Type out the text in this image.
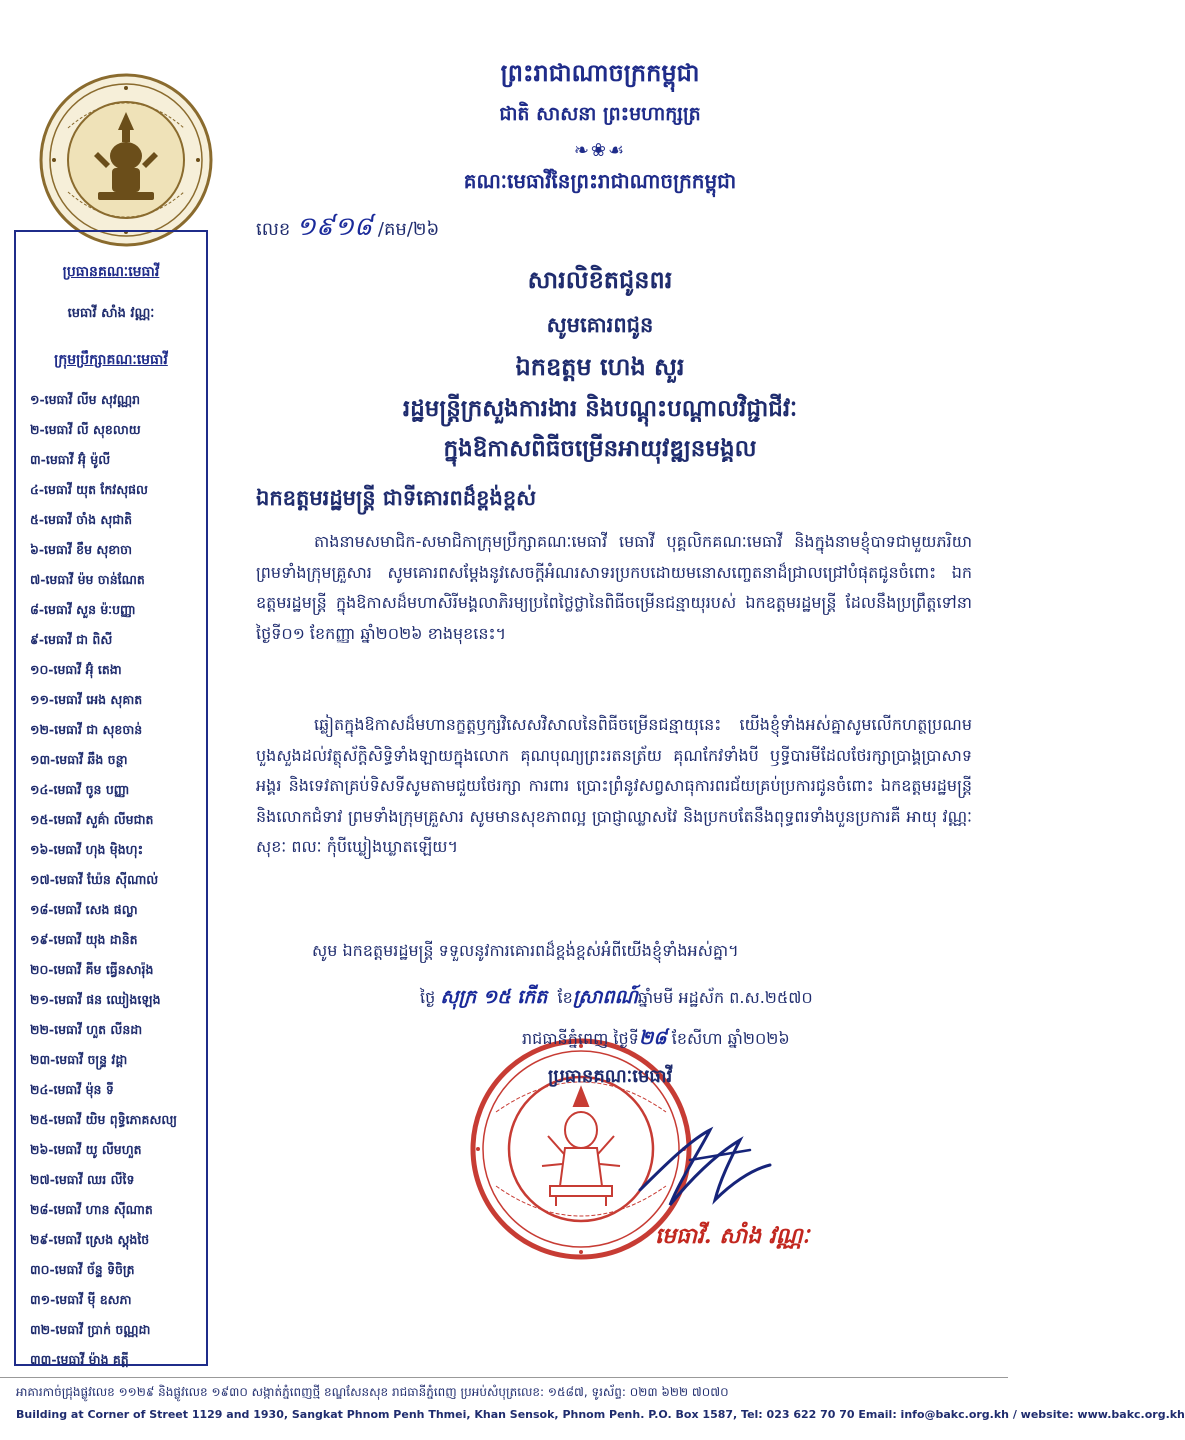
ព្រះរាជាណាចក្រកម្ពុជា
ជាតិ សាសនា ព្រះមហាក្សត្រ
❧❀☙
គណៈមេធាវីនៃព្រះរាជាណាចក្រកម្ពុជា
លេខ ១៩១៨ /គម/២៦
ប្រធានគណៈមេធាវី
មេធាវី សាំង វណ្ណៈ
ក្រុមប្រឹក្សាគណៈមេធាវី
១-មេធាវី លីម សុវណ្ណរា
២-មេធាវី លី សុខលាយ
៣-មេធាវី អ៊ុំ ម៉ូលី
៤-មេធាវី យុត កែវសុផល
៥-មេធាវី ចាំង សុជាតិ
៦-មេធាវី ខឹម សុខាចា
៧-មេធាវី ម៉ម ចាន់ណែត
៨-មេធាវី សួន ម៉ៈបញ្ញា
៩-មេធាវី ជា ពិសី
១០-មេធាវី អ៊ុំ តេងា
១១-មេធាវី អេង សុគាត
១២-មេធាវី ជា សុខចាន់
១៣-មេធាវី ឆឹង ចន្ថា
១៤-មេធាវី ចូន បញ្ញា
១៥-មេធាវី សួគ៌ា លីមជាត
១៦-មេធាវី ហុង ម៉ិងហុះ
១៧-មេធាវី ឃ៉ែន ស៊ីណាល់
១៨-មេធាវី សេង ផល្លា
១៩-មេធាវី យុង ដានិត
២០-មេធាវី គីម ធ្វើនសារ៉ុង
២១-មេធាវី ផន ឈៀងឡេង
២២-មេធាវី ហួត លីនដា
២៣-មេធាវី ចន្ទ្រ វដ្ដា
២៤-មេធាវី ម៉ុន ទី
២៥-មេធាវី យិម ពុទ្ធិភោគសល្យ
២៦-មេធាវី យូ លីមហួត
២៧-មេធាវី ឈរ លីទៃ
២៨-មេធាវី ហាន ស៊ីណាត
២៩-មេធាវី ស្រេង ស្តុងថៃ
៣០-មេធាវី ច័ន្ទ ទិចិត្រ
៣១-មេធាវី ម៉ី ឧសភា
៣២-មេធាវី ប្រាក់ ចណ្ណដា
៣៣-មេធាវី ម៉ាង គត្តី
សារលិខិតជូនពរ
សូមគោរពជូន
ឯកឧត្តម ហេង សួរ
រដ្ឋមន្ត្រីក្រសួងការងារ និងបណ្តុះបណ្តាលវិជ្ជាជីវៈ
ក្នុងឱកាសពិធីចម្រើនអាយុវឌ្ឍនមង្គល
ឯកឧត្តមរដ្ឋមន្ត្រី ជាទីគោរពដ៏ខ្ពង់ខ្ពស់
តាងនាមសមាជិក-សមាជិកាក្រុមប្រឹក្សាគណៈមេធាវី មេធាវី បុគ្គលិកគណៈមេធាវី និងក្នុងនាមខ្ញុំបាទជាមួយភរិយា ព្រមទាំងក្រុមគ្រួសារ សូមគោរពសម្តែងនូវសេចក្តីអំណរសាទរប្រកបដោយមនោសញ្ចេតនាដ៏ជ្រាលជ្រៅបំផុតជូនចំពោះ ឯកឧត្តមរដ្ឋមន្ត្រី ក្នុងឱកាសដ៏មហាសិរីមង្គលាភិរម្យប្រពៃថ្លៃថ្លានៃពិធីចម្រើនជន្មាយុរបស់ ឯកឧត្តមរដ្ឋមន្ត្រី ដែលនឹងប្រព្រឹត្តទៅនាថ្ងៃទី០១ ខែកញ្ញា ឆ្នាំ២០២៦ ខាងមុខនេះ។
ឆ្លៀតក្នុងឱកាសដ៏មហានក្ខត្តឫក្សវិសេសវិសាលនៃពិធីចម្រើនជន្មាយុនេះ យើងខ្ញុំទាំងអស់គ្នាសូមលើកហត្ថប្រណមបួងសួងដល់វត្ថុស័ក្តិសិទ្ធិទាំងឡាយក្នុងលោក គុណបុណ្យព្រះរតនត្រ័យ គុណកែវទាំងបី ឫទ្ធីបារមីដែលថែរក្សាប្រាង្គប្រាសាទអង្គរ និងទេវតាគ្រប់ទិសទីសូមតាមជួយថែរក្សា ការពារ ប្រោះព្រំនូវសព្វសាធុការពរជ័យគ្រប់ប្រការជូនចំពោះ ឯកឧត្តមរដ្ឋមន្ត្រី និងលោកជំទាវ ព្រមទាំងក្រុមគ្រួសារ សូមមានសុខភាពល្អ ប្រាជ្ញាឈ្លាសវៃ និងប្រកបតែនឹងពុទ្ធពរទាំងបួនប្រការគឺ អាយុ វណ្ណៈ សុខៈ ពលៈ កុំបីឃ្លៀងឃ្លាតឡើយ។
សូម ឯកឧត្តមរដ្ឋមន្ត្រី ទទួលនូវការគោរពដ៏ខ្ពង់ខ្ពស់អំពីយើងខ្ញុំទាំងអស់គ្នា។
ថ្ងៃ សុក្រ ១៥ កើត ខែស្រាពណ៍ឆ្នាំមមី អដ្ឋស័ក ព.ស.២៥៧០
រាជធានីភ្នំពេញ ថ្ងៃទី២៨ ខែសីហា ឆ្នាំ២០២៦
ប្រធានគណៈមេធាវី
មេធាវី. សាំង វណ្ណៈ
អាគារកាច់ជ្រុងផ្លូវលេខ ១១២៩ និងផ្លូវលេខ ១៩៣០ សង្កាត់ភ្នំពេញថ្មី ខណ្ឌសែនសុខ រាជធានីភ្នំពេញ ប្រអប់សំបុត្រលេខ: ១៥៨៧, ទូរស័ព្ទ: ០២៣ ៦២២ ៧០៧០
Building at Corner of Street 1129 and 1930, Sangkat Phnom Penh Thmei, Khan Sensok, Phnom Penh. P.O. Box 1587, Tel: 023 622 70 70 Email: info@bakc.org.kh / website: www.bakc.org.kh
